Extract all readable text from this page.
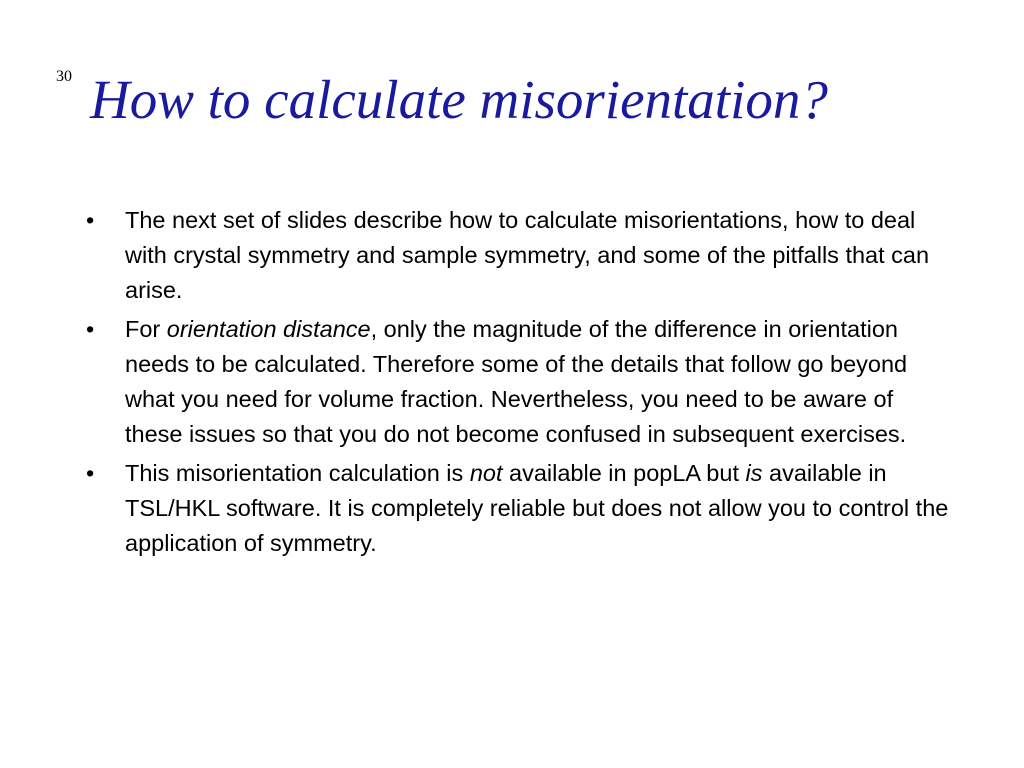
30 How to calculate misorientation?
•	The next set of slides describe how to calculate misorientations, how to deal with crystal symmetry and sample symmetry, and some of the pitfalls that can arise.
•	For orientation distance, only the magnitude of the difference in orientation needs to be calculated. Therefore some of the details that follow go beyond what you need for volume fraction. Nevertheless, you need to be aware of these issues so that you do not become confused in subsequent exercises.
•	This misorientation calculation is not available in popLA but is available in TSL/HKL software. It is completely reliable but does not allow you to control the application of symmetry.
